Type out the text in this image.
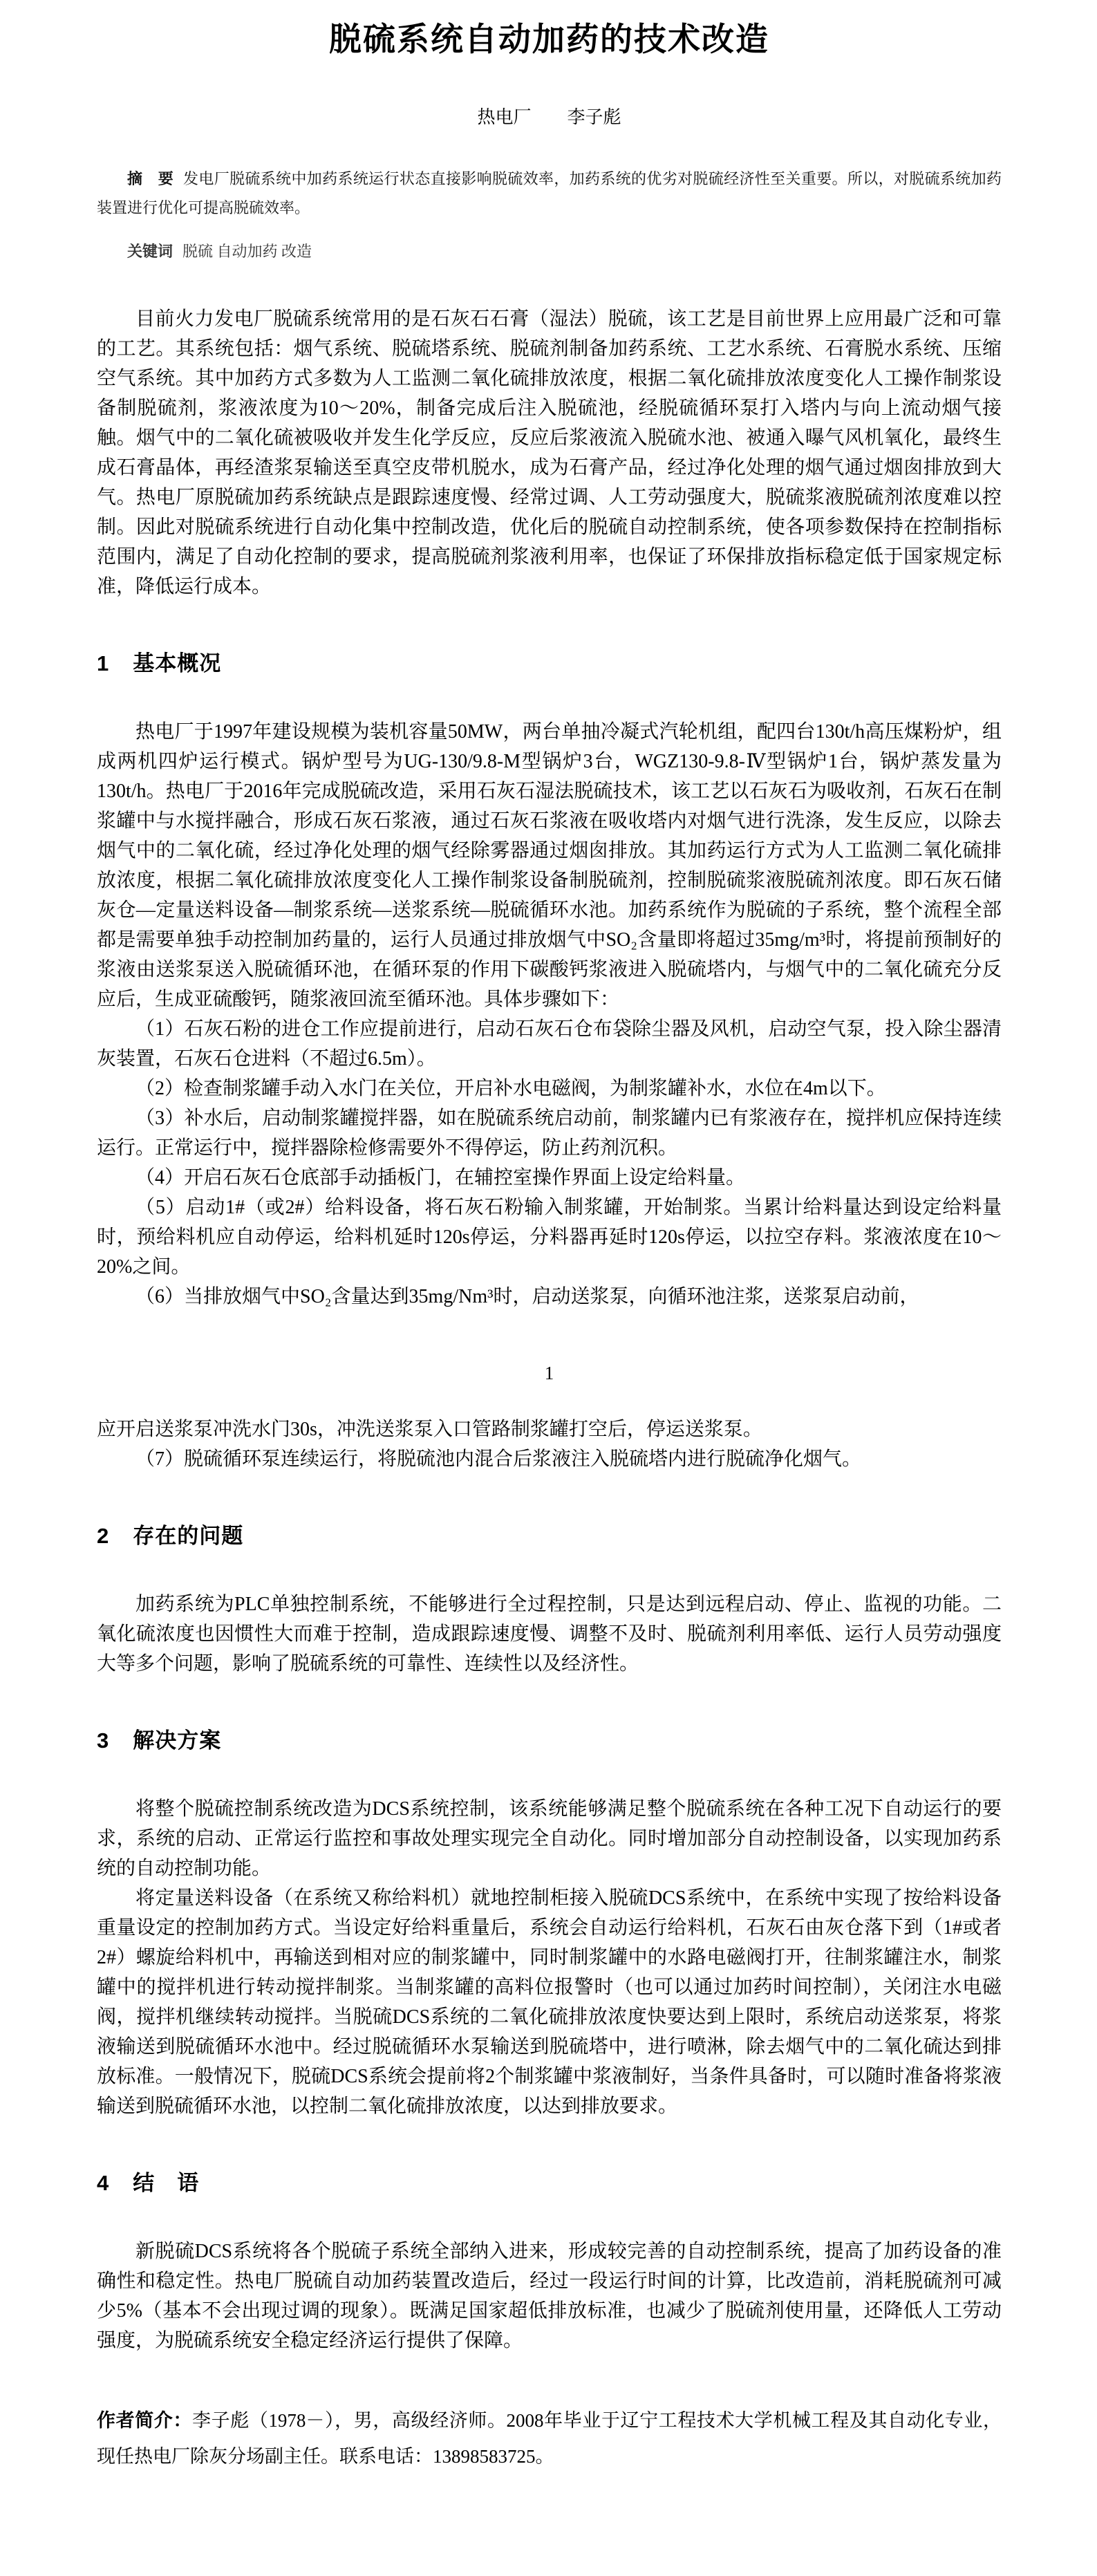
脱硫系统自动加药的技术改造
热电厂 李子彪

摘　要 发电厂脱硫系统中加药系统运行状态直接影响脱硫效率，加药系统的优劣对脱硫经济性至关重要。所以，对脱硫系统加药装置进行优化可提高脱硫效率。

关键词 脱硫 自动加药 改造

目前火力发电厂脱硫系统常用的是石灰石石膏（湿法）脱硫，该工艺是目前世界上应用最广泛和可靠的工艺。其系统包括：烟气系统、脱硫塔系统、脱硫剂制备加药系统、工艺水系统、石膏脱水系统、压缩空气系统。其中加药方式多数为人工监测二氧化硫排放浓度，根据二氧化硫排放浓度变化人工操作制浆设备制脱硫剂，浆液浓度为10～20%，制备完成后注入脱硫池，经脱硫循环泵打入塔内与向上流动烟气接触。烟气中的二氧化硫被吸收并发生化学反应，反应后浆液流入脱硫水池、被通入曝气风机氧化，最终生成石膏晶体，再经渣浆泵输送至真空皮带机脱水，成为石膏产品，经过净化处理的烟气通过烟囱排放到大气。热电厂原脱硫加药系统缺点是跟踪速度慢、经常过调、人工劳动强度大，脱硫浆液脱硫剂浓度难以控制。因此对脱硫系统进行自动化集中控制改造，优化后的脱硫自动控制系统，使各项参数保持在控制指标范围内，满足了自动化控制的要求，提高脱硫剂浆液利用率，也保证了环保排放指标稳定低于国家规定标准，降低运行成本。

1 基本概况

热电厂于1997年建设规模为装机容量50MW，两台单抽冷凝式汽轮机组，配四台130t/h高压煤粉炉，组成两机四炉运行模式。锅炉型号为UG-130/9.8-M型锅炉3台，WGZ130-9.8-Ⅳ型锅炉1台，锅炉蒸发量为130t/h。热电厂于2016年完成脱硫改造，采用石灰石湿法脱硫技术，该工艺以石灰石为吸收剂，石灰石在制浆罐中与水搅拌融合，形成石灰石浆液，通过石灰石浆液在吸收塔内对烟气进行洗涤，发生反应，以除去烟气中的二氧化硫，经过净化处理的烟气经除雾器通过烟囱排放。其加药运行方式为人工监测二氧化硫排放浓度，根据二氧化硫排放浓度变化人工操作制浆设备制脱硫剂，控制脱硫浆液脱硫剂浓度。即石灰石储灰仓—定量送料设备—制浆系统—送浆系统—脱硫循环水池。加药系统作为脱硫的子系统，整个流程全部都是需要单独手动控制加药量的，运行人员通过排放烟气中SO₂含量即将超过35mg/m³时，将提前预制好的浆液由送浆泵送入脱硫循环池，在循环泵的作用下碳酸钙浆液进入脱硫塔内，与烟气中的二氧化硫充分反应后，生成亚硫酸钙，随浆液回流至循环池。具体步骤如下：

（1）石灰石粉的进仓工作应提前进行，启动石灰石仓布袋除尘器及风机，启动空气泵，投入除尘器清灰装置，石灰石仓进料（不超过6.5m）。

（2）检查制浆罐手动入水门在关位，开启补水电磁阀，为制浆罐补水，水位在4m以下。

（3）补水后，启动制浆罐搅拌器，如在脱硫系统启动前，制浆罐内已有浆液存在，搅拌机应保持连续运行。正常运行中，搅拌器除检修需要外不得停运，防止药剂沉积。

（4）开启石灰石仓底部手动插板门，在辅控室操作界面上设定给料量。

（5）启动1#（或2#）给料设备，将石灰石粉输入制浆罐，开始制浆。当累计给料量达到设定给料量时，预给料机应自动停运，给料机延时120s停运，分料器再延时120s停运，以拉空存料。浆液浓度在10～20%之间。

（6）当排放烟气中SO₂含量达到35mg/Nm³时，启动送浆泵，向循环池注浆，送浆泵启动前，

1

应开启送浆泵冲洗水门30s，冲洗送浆泵入口管路制浆罐打空后，停运送浆泵。

（7）脱硫循环泵连续运行，将脱硫池内混合后浆液注入脱硫塔内进行脱硫净化烟气。

2 存在的问题

加药系统为PLC单独控制系统，不能够进行全过程控制，只是达到远程启动、停止、监视的功能。二氧化硫浓度也因惯性大而难于控制，造成跟踪速度慢、调整不及时、脱硫剂利用率低、运行人员劳动强度大等多个问题，影响了脱硫系统的可靠性、连续性以及经济性。

3 解决方案

将整个脱硫控制系统改造为DCS系统控制，该系统能够满足整个脱硫系统在各种工况下自动运行的要求，系统的启动、正常运行监控和事故处理实现完全自动化。同时增加部分自动控制设备，以实现加药系统的自动控制功能。

将定量送料设备（在系统又称给料机）就地控制柜接入脱硫DCS系统中，在系统中实现了按给料设备重量设定的控制加药方式。当设定好给料重量后，系统会自动运行给料机，石灰石由灰仓落下到（1#或者2#）螺旋给料机中，再输送到相对应的制浆罐中，同时制浆罐中的水路电磁阀打开，往制浆罐注水，制浆罐中的搅拌机进行转动搅拌制浆。当制浆罐的高料位报警时（也可以通过加药时间控制），关闭注水电磁阀，搅拌机继续转动搅拌。当脱硫DCS系统的二氧化硫排放浓度快要达到上限时，系统启动送浆泵，将浆液输送到脱硫循环水池中。经过脱硫循环水泵输送到脱硫塔中，进行喷淋，除去烟气中的二氧化硫达到排放标准。一般情况下，脱硫DCS系统会提前将2个制浆罐中浆液制好，当条件具备时，可以随时准备将浆液输送到脱硫循环水池，以控制二氧化硫排放浓度，以达到排放要求。

4 结　语

新脱硫DCS系统将各个脱硫子系统全部纳入进来，形成较完善的自动控制系统，提高了加药设备的准确性和稳定性。热电厂脱硫自动加药装置改造后，经过一段运行时间的计算，比改造前，消耗脱硫剂可减少5%（基本不会出现过调的现象）。既满足国家超低排放标准，也减少了脱硫剂使用量，还降低人工劳动强度，为脱硫系统安全稳定经济运行提供了保障。

作者简介：李子彪（1978－），男，高级经济师。2008年毕业于辽宁工程技术大学机械工程及其自动化专业，现任热电厂除灰分场副主任。联系电话：13898583725。
